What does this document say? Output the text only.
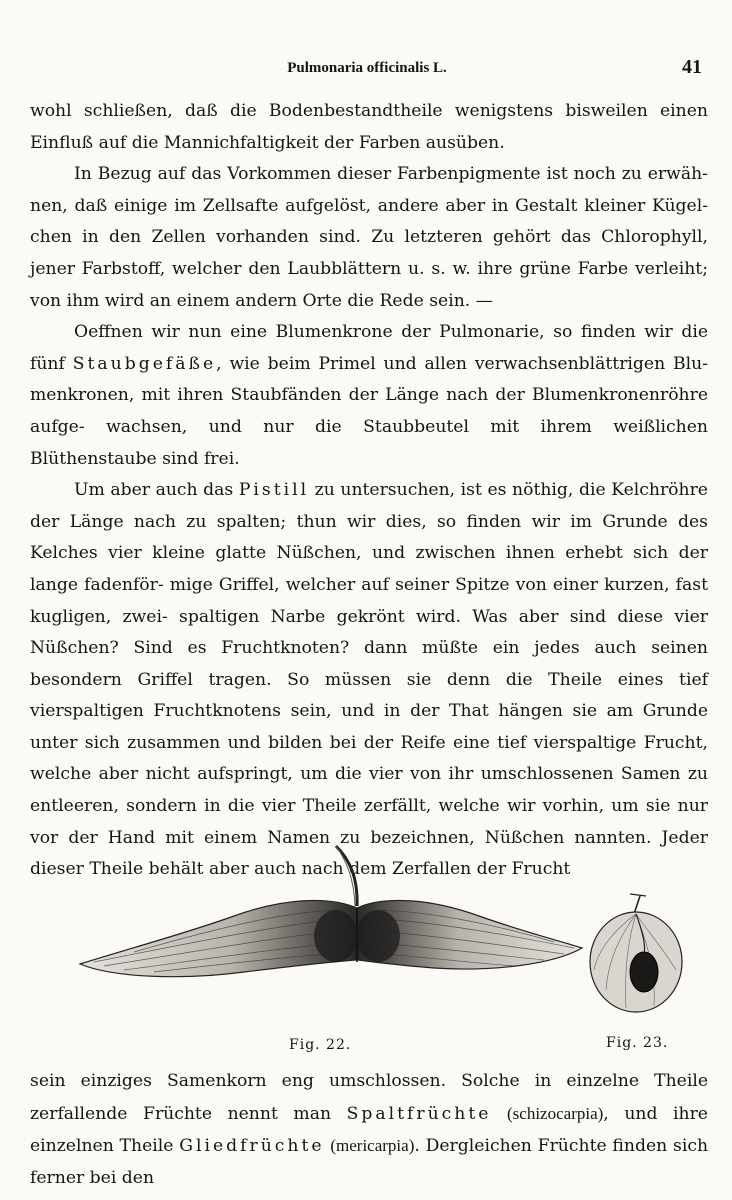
Pulmonaria officinalis L.	41

wohl schließen, daß die Bodenbestandtheile wenigstens bisweilen einen Einfluß auf die Mannichfaltigkeit der Farben ausüben.

In Bezug auf das Vorkommen dieser Farbenpigmente ist noch zu erwäh- nen, daß einige im Zellsafte aufgelöst, andere aber in Gestalt kleiner Kügel- chen in den Zellen vorhanden sind. Zu letzteren gehört das Chlorophyll, jener Farbstoff, welcher den Laubblättern u. s. w. ihre grüne Farbe verleiht; von ihm wird an einem andern Orte die Rede sein. —

Oeffnen wir nun eine Blumenkrone der Pulmonarie, so finden wir die fünf Staubgefäße, wie beim Primel und allen verwachsenblättrigen Blu- menkronen, mit ihren Staubfänden der Länge nach der Blumenkronenröhre aufge- wachsen, und nur die Staubbeutel mit ihrem weißlichen Blüthenstaube sind frei.

Um aber auch das Pistill zu untersuchen, ist es nöthig, die Kelchröhre der Länge nach zu spalten; thun wir dies, so finden wir im Grunde des Kelches vier kleine glatte Nüßchen, und zwischen ihnen erhebt sich der lange fadenför- mige Griffel, welcher auf seiner Spitze von einer kurzen, fast kugligen, zwei- spaltigen Narbe gekrönt wird. Was aber sind diese vier Nüßchen? Sind es Fruchtknoten? dann müßte ein jedes auch seinen besondern Griffel tragen. So müssen sie denn die Theile eines tief vierspaltigen Fruchtknotens sein, und in der That hängen sie am Grunde unter sich zusammen und bilden bei der Reife eine tief vierspaltige Frucht, welche aber nicht aufspringt, um die vier von ihr umschlossenen Samen zu entleeren, sondern in die vier Theile zerfällt, welche wir vorhin, um sie nur vor der Hand mit einem Namen zu bezeichnen, Nüßchen nannten. Jeder dieser Theile behält aber auch nach dem Zerfallen der Frucht

Fig. 22.	Fig. 23.

sein einziges Samenkorn eng umschlossen. Solche in einzelne Theile zerfallende Früchte nennt man Spaltfrüchte (schizocarpia), und ihre einzelnen Theile Gliedfrüchte (mericarpia). Dergleichen Früchte finden sich ferner bei den
